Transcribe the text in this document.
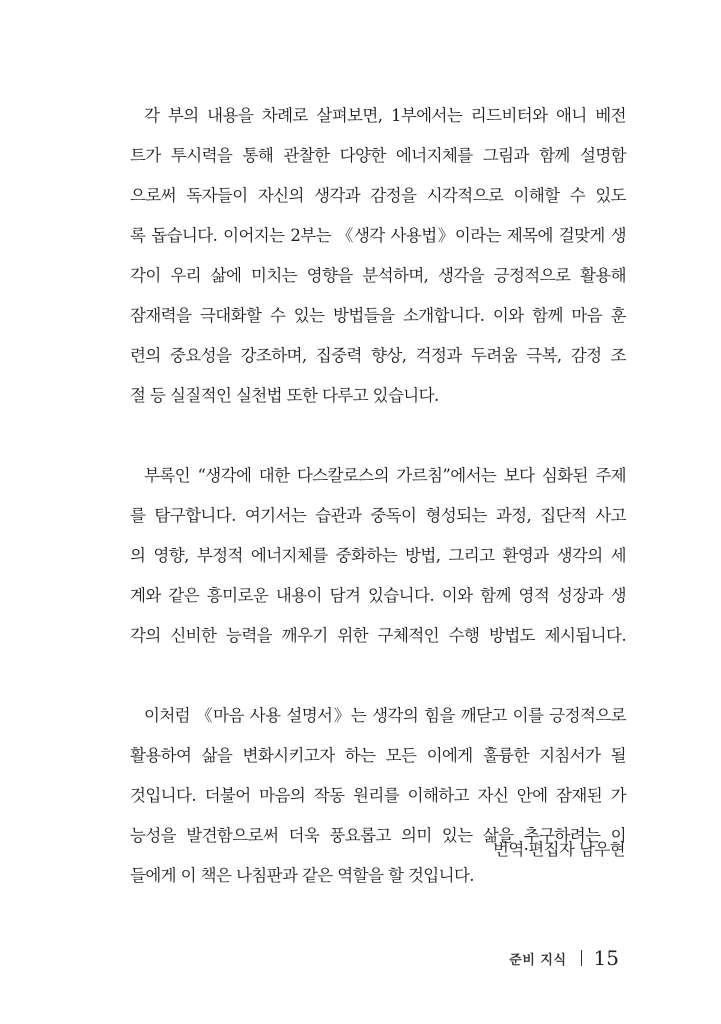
각 부의 내용을 차례로 살펴보면, 1부에서는 리드비터와 애니 베전
트가 투시력을 통해 관찰한 다양한 에너지체를 그림과 함께 설명함
으로써 독자들이 자신의 생각과 감정을 시각적으로 이해할 수 있도
록 돕습니다. 이어지는 2부는 《생각 사용법》이라는 제목에 걸맞게 생
각이 우리 삶에 미치는 영향을 분석하며, 생각을 긍정적으로 활용해
잠재력을 극대화할 수 있는 방법들을 소개합니다. 이와 함께 마음 훈
련의 중요성을 강조하며, 집중력 향상, 걱정과 두려움 극복, 감정 조
절 등 실질적인 실천법 또한 다루고 있습니다.

부록인 “생각에 대한 다스칼로스의 가르침”에서는 보다 심화된 주제
를 탐구합니다. 여기서는 습관과 중독이 형성되는 과정, 집단적 사고
의 영향, 부정적 에너지체를 중화하는 방법, 그리고 환영과 생각의 세
계와 같은 흥미로운 내용이 담겨 있습니다. 이와 함께 영적 성장과 생
각의 신비한 능력을 깨우기 위한 구체적인 수행 방법도 제시됩니다.

이처럼 《마음 사용 설명서》는 생각의 힘을 깨닫고 이를 긍정적으로
활용하여 삶을 변화시키고자 하는 모든 이에게 훌륭한 지침서가 될
것입니다. 더불어 마음의 작동 원리를 이해하고 자신 안에 잠재된 가
능성을 발견함으로써 더욱 풍요롭고 의미 있는 삶을 추구하려는 이
들에게 이 책은 나침판과 같은 역할을 할 것입니다.

번역·편집자 남우현
준비 지식 15
